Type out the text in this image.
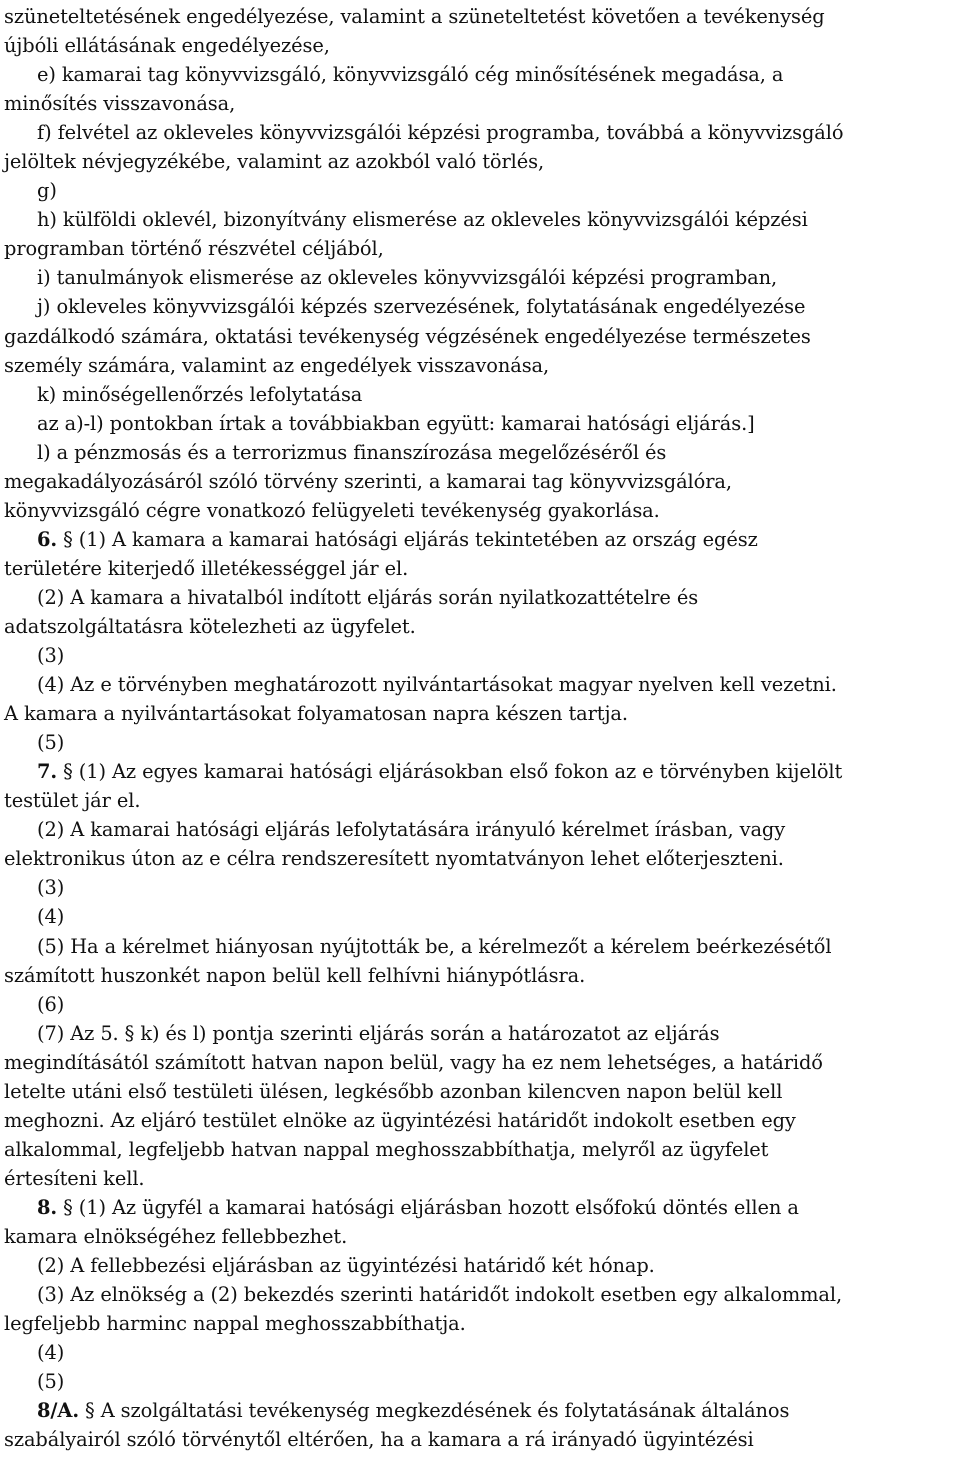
szüneteltetésének engedélyezése, valamint a szüneteltetést követően a tevékenység
újbóli ellátásának engedélyezése,
e) kamarai tag könyvvizsgáló, könyvvizsgáló cég minősítésének megadása, a
minősítés visszavonása,
f) felvétel az okleveles könyvvizsgálói képzési programba, továbbá a könyvvizsgáló
jelöltek névjegyzékébe, valamint az azokból való törlés,
g)
h) külföldi oklevél, bizonyítvány elismerése az okleveles könyvvizsgálói képzési
programban történő részvétel céljából,
i) tanulmányok elismerése az okleveles könyvvizsgálói képzési programban,
j) okleveles könyvvizsgálói képzés szervezésének, folytatásának engedélyezése
gazdálkodó számára, oktatási tevékenység végzésének engedélyezése természetes
személy számára, valamint az engedélyek visszavonása,
k) minőségellenőrzés lefolytatása
az a)-l) pontokban írtak a továbbiakban együtt: kamarai hatósági eljárás.]
l) a pénzmosás és a terrorizmus finanszírozása megelőzéséről és
megakadályozásáról szóló törvény szerinti, a kamarai tag könyvvizsgálóra,
könyvvizsgáló cégre vonatkozó felügyeleti tevékenység gyakorlása.
6. § (1) A kamara a kamarai hatósági eljárás tekintetében az ország egész
területére kiterjedő illetékességgel jár el.
(2) A kamara a hivatalból indított eljárás során nyilatkozattételre és
adatszolgáltatásra kötelezheti az ügyfelet.
(3)
(4) Az e törvényben meghatározott nyilvántartásokat magyar nyelven kell vezetni.
A kamara a nyilvántartásokat folyamatosan napra készen tartja.
(5)
7. § (1) Az egyes kamarai hatósági eljárásokban első fokon az e törvényben kijelölt
testület jár el.
(2) A kamarai hatósági eljárás lefolytatására irányuló kérelmet írásban, vagy
elektronikus úton az e célra rendszeresített nyomtatványon lehet előterjeszteni.
(3)
(4)
(5) Ha a kérelmet hiányosan nyújtották be, a kérelmezőt a kérelem beérkezésétől
számított huszonkét napon belül kell felhívni hiánypótlásra.
(6)
(7) Az 5. § k) és l) pontja szerinti eljárás során a határozatot az eljárás
megindításától számított hatvan napon belül, vagy ha ez nem lehetséges, a határidő
letelte utáni első testületi ülésen, legkésőbb azonban kilencven napon belül kell
meghozni. Az eljáró testület elnöke az ügyintézési határidőt indokolt esetben egy
alkalommal, legfeljebb hatvan nappal meghosszabbíthatja, melyről az ügyfelet
értesíteni kell.
8. § (1) Az ügyfél a kamarai hatósági eljárásban hozott elsőfokú döntés ellen a
kamara elnökségéhez fellebbezhet.
(2) A fellebbezési eljárásban az ügyintézési határidő két hónap.
(3) Az elnökség a (2) bekezdés szerinti határidőt indokolt esetben egy alkalommal,
legfeljebb harminc nappal meghosszabbíthatja.
(4)
(5)
8/A. § A szolgáltatási tevékenység megkezdésének és folytatásának általános
szabályairól szóló törvénytől eltérően, ha a kamara a rá irányadó ügyintézési
